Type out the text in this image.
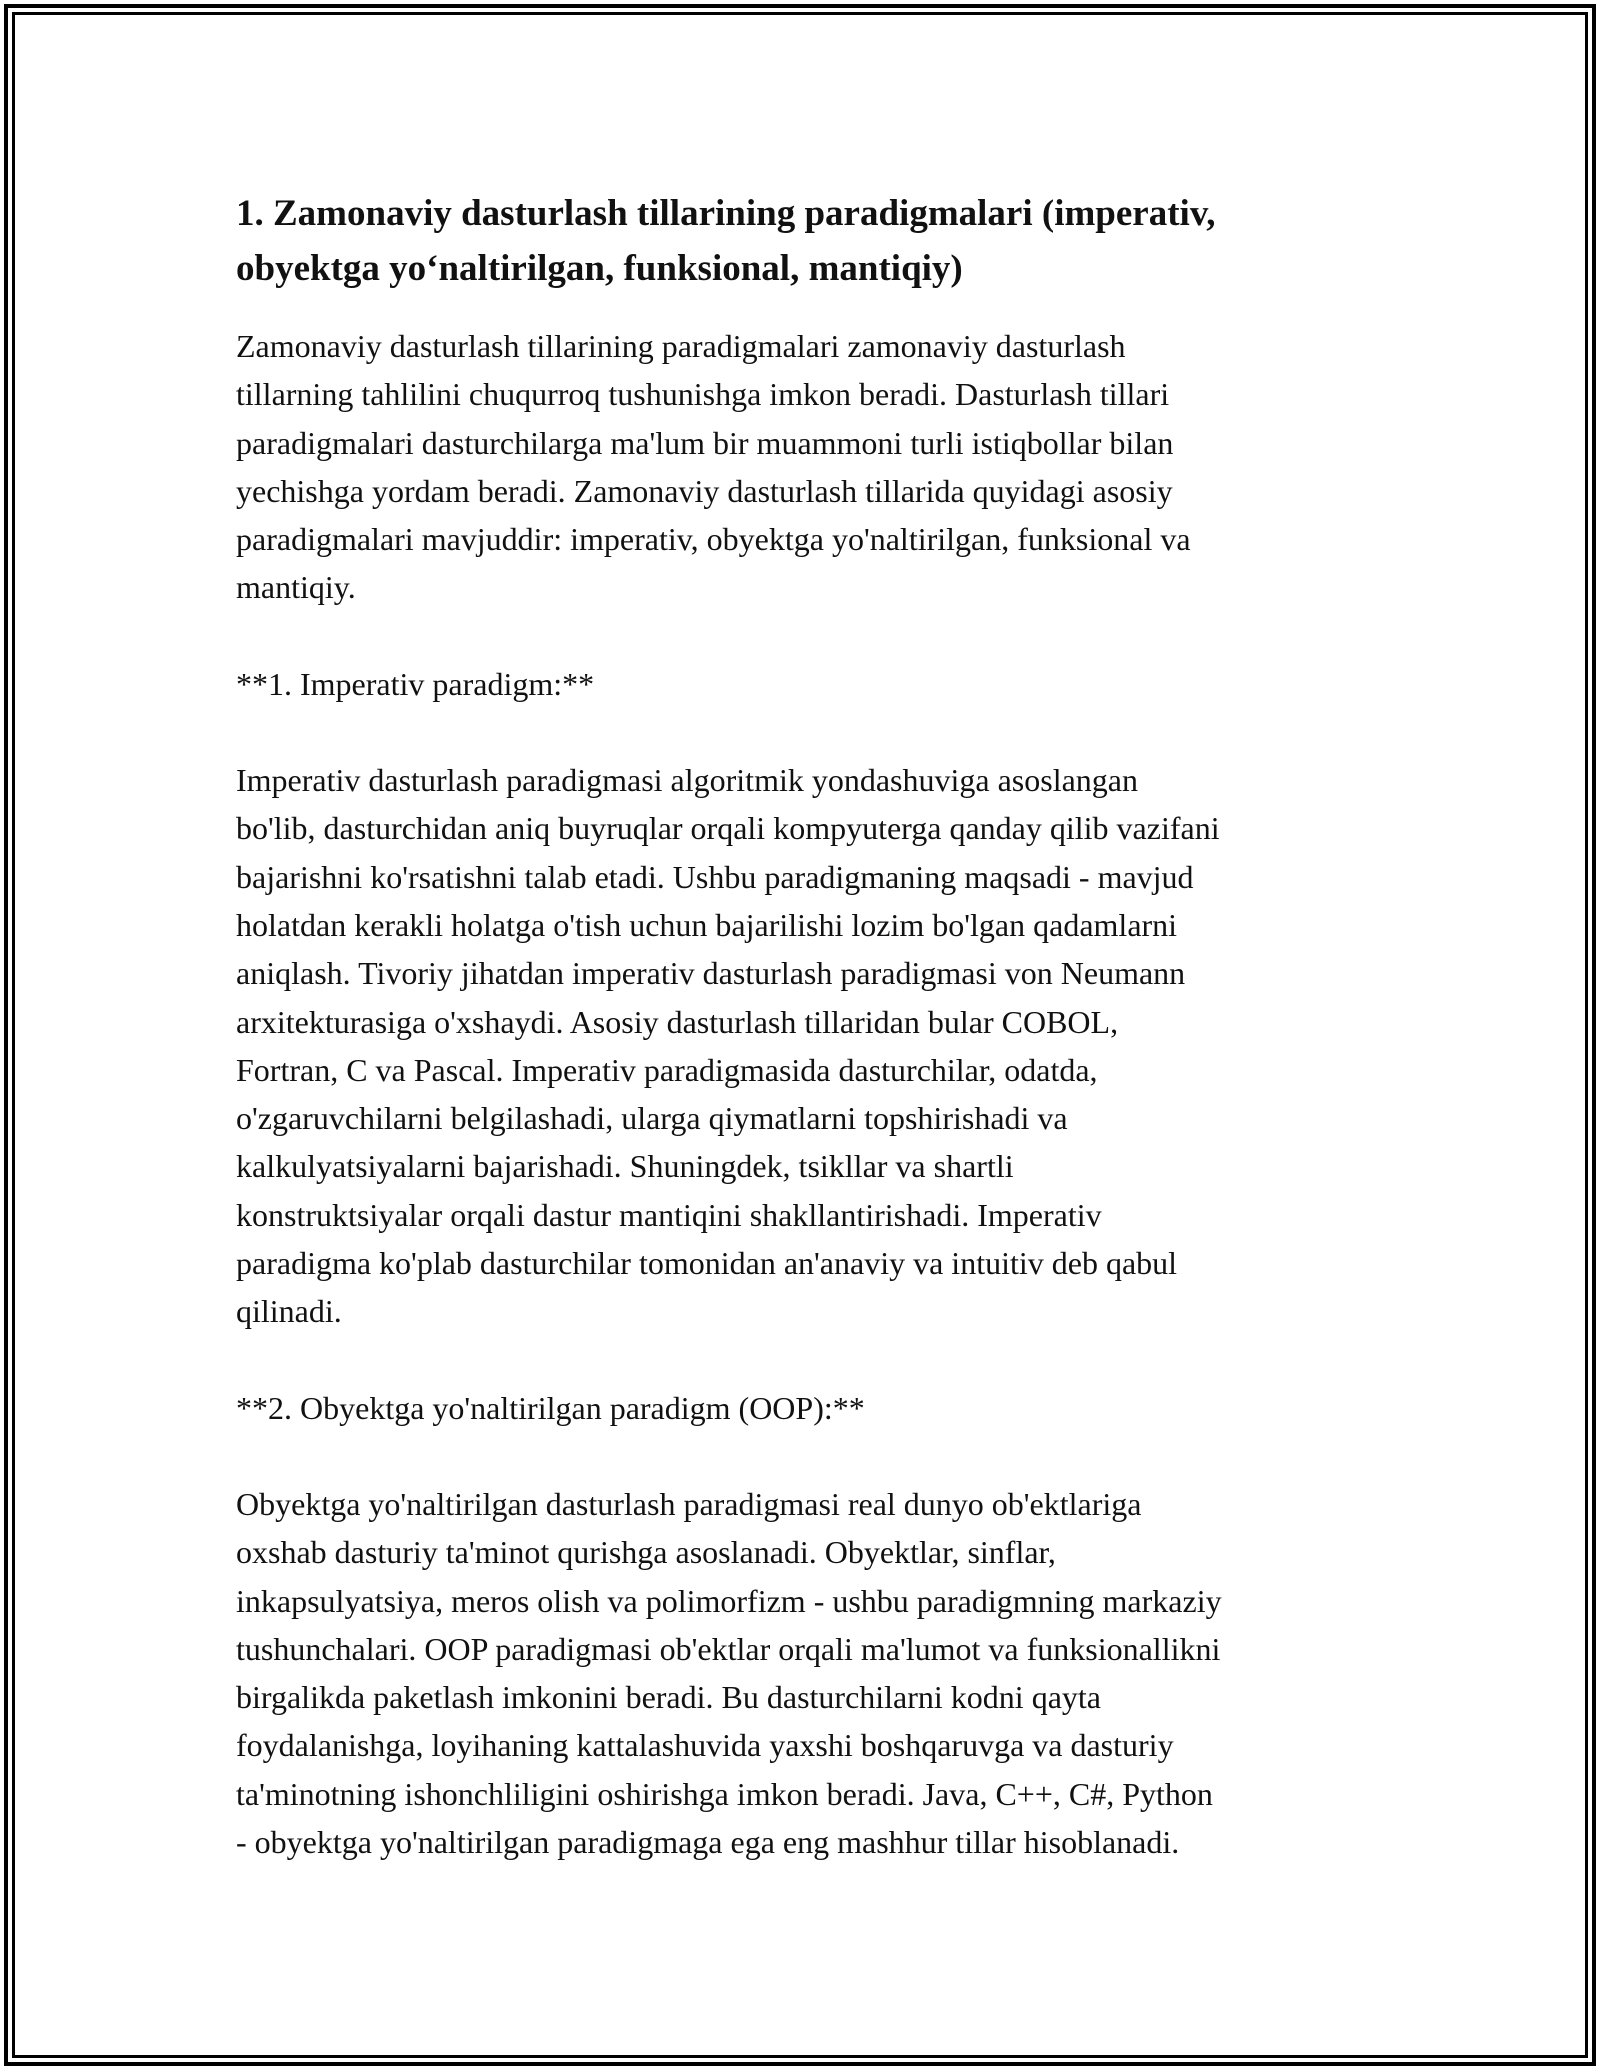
1. Zamonaviy dasturlash tillarining paradigmalari (imperativ,
obyektga yo‘naltirilgan, funksional, mantiqiy)

Zamonaviy dasturlash tillarining paradigmalari zamonaviy dasturlash
tillarning tahlilini chuqurroq tushunishga imkon beradi. Dasturlash tillari
paradigmalari dasturchilarga ma'lum bir muammoni turli istiqbollar bilan
yechishga yordam beradi. Zamonaviy dasturlash tillarida quyidagi asosiy
paradigmalari mavjuddir: imperativ, obyektga yo'naltirilgan, funksional va
mantiqiy.

**1. Imperativ paradigm:**

Imperativ dasturlash paradigmasi algoritmik yondashuviga asoslangan
bo'lib, dasturchidan aniq buyruqlar orqali kompyuterga qanday qilib vazifani
bajarishni ko'rsatishni talab etadi. Ushbu paradigmaning maqsadi - mavjud
holatdan kerakli holatga o'tish uchun bajarilishi lozim bo'lgan qadamlarni
aniqlash. Tivoriy jihatdan imperativ dasturlash paradigmasi von Neumann
arxitekturasiga o'xshaydi. Asosiy dasturlash tillaridan bular COBOL,
Fortran, C va Pascal. Imperativ paradigmasida dasturchilar, odatda,
o'zgaruvchilarni belgilashadi, ularga qiymatlarni topshirishadi va
kalkulyatsiyalarni bajarishadi. Shuningdek, tsikllar va shartli
konstruktsiyalar orqali dastur mantiqini shakllantirishadi. Imperativ
paradigma ko'plab dasturchilar tomonidan an'anaviy va intuitiv deb qabul
qilinadi.

**2. Obyektga yo'naltirilgan paradigm (OOP):**

Obyektga yo'naltirilgan dasturlash paradigmasi real dunyo ob'ektlariga
oxshab dasturiy ta'minot qurishga asoslanadi. Obyektlar, sinflar,
inkapsulyatsiya, meros olish va polimorfizm - ushbu paradigmning markaziy
tushunchalari. OOP paradigmasi ob'ektlar orqali ma'lumot va funksionallikni
birgalikda paketlash imkonini beradi. Bu dasturchilarni kodni qayta
foydalanishga, loyihaning kattalashuvida yaxshi boshqaruvga va dasturiy
ta'minotning ishonchliligini oshirishga imkon beradi. Java, C++, C#, Python
- obyektga yo'naltirilgan paradigmaga ega eng mashhur tillar hisoblanadi.
